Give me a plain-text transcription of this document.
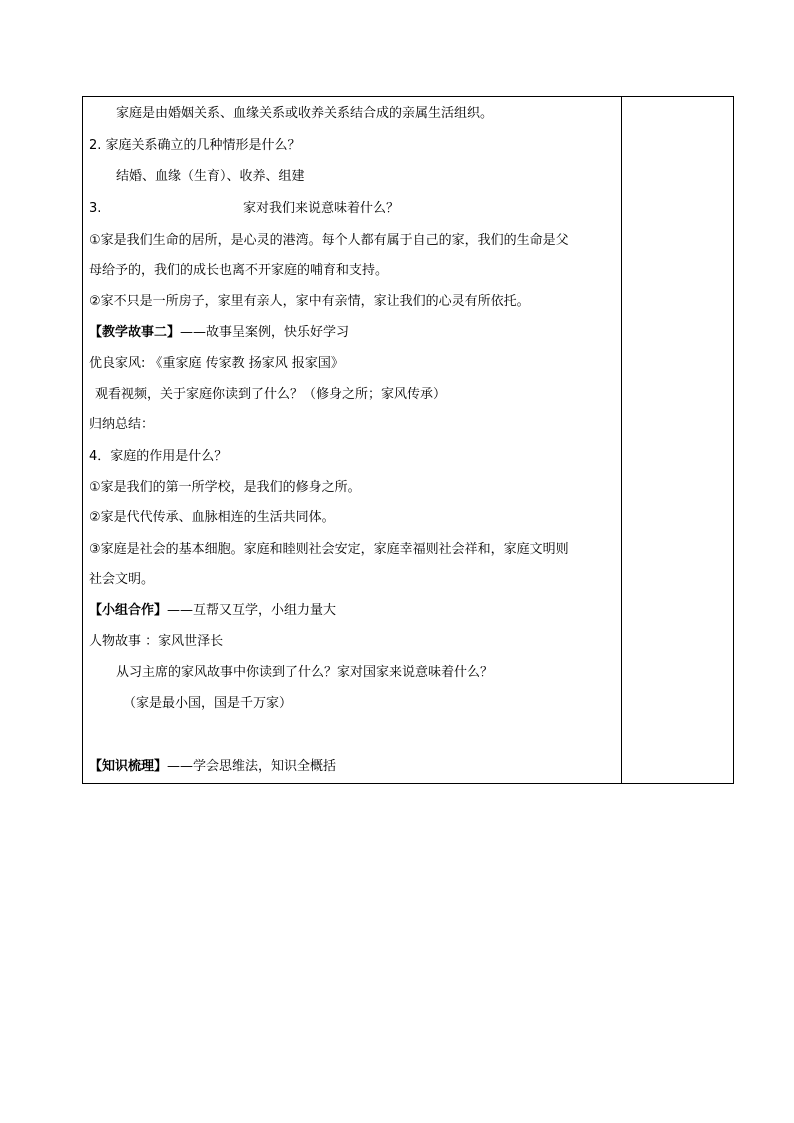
家庭是由婚姻关系、血缘关系或收养关系结合成的亲属生活组织。
2. 家庭关系确立的几种情形是什么？
结婚、血缘（生育）、收养、组建
3.	家对我们来说意味着什么？
①家是我们生命的居所，是心灵的港湾。每个人都有属于自己的家，我们的生命是父
母给予的，我们的成长也离不开家庭的哺育和支持。
②家不只是一所房子，家里有亲人，家中有亲情，家让我们的心灵有所依托。
【教学故事二】——故事呈案例，快乐好学习
优良家风: 《重家庭 传家教 扬家风 报家国》
观看视频，关于家庭你读到了什么？（修身之所；家风传承）
归纳总结：
4．家庭的作用是什么？
①家是我们的第一所学校，是我们的修身之所。
②家是代代传承、血脉相连的生活共同体。
③家庭是社会的基本细胞。家庭和睦则社会安定，家庭幸福则社会祥和，家庭文明则
社会文明。
【小组合作】——互帮又互学，小组力量大
人物故事 ：家风世泽长
从习主席的家风故事中你读到了什么？家对国家来说意味着什么？
（家是最小国，国是千万家）
【知识梳理】——学会思维法，知识全概括
